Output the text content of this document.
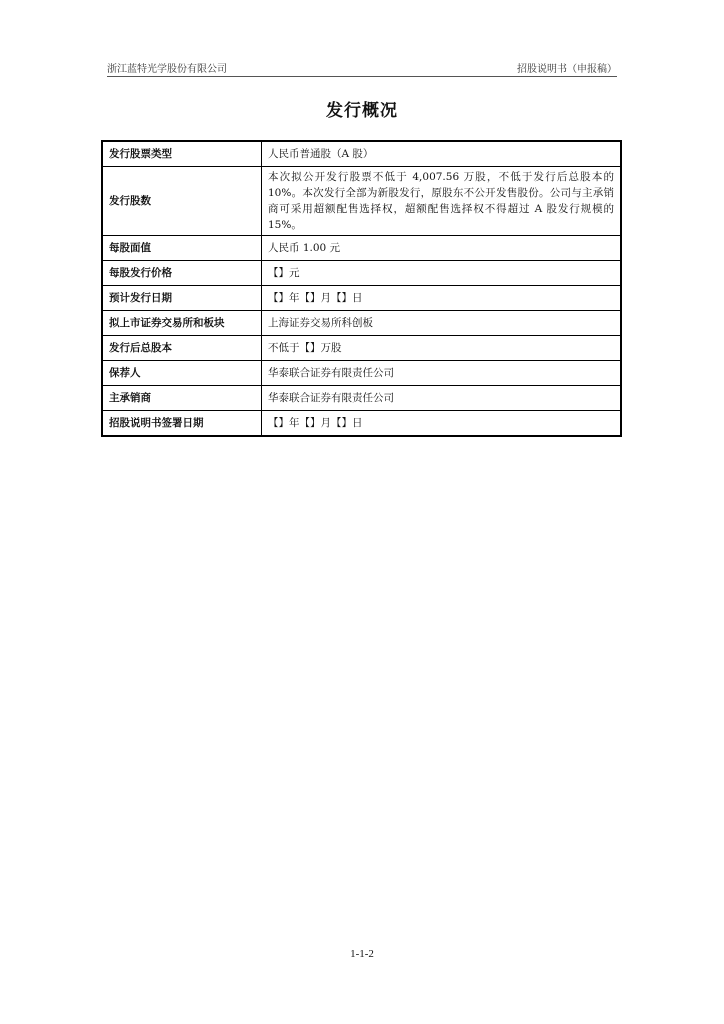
浙江蓝特光学股份有限公司	招股说明书（申报稿）
发行概况
发行股票类型	人民币普通股（A 股）
发行股数	本次拟公开发行股票不低于 4,007.56 万股，不低于发行后总股本的 10%。本次发行全部为新股发行，原股东不公开发售股份。公司与主承销商可采用超额配售选择权，超额配售选择权不得超过 A 股发行规模的 15%。
每股面值	人民币 1.00 元
每股发行价格	【】元
预计发行日期	【】年【】月【】日
拟上市证券交易所和板块	上海证券交易所科创板
发行后总股本	不低于【】万股
保荐人	华泰联合证券有限责任公司
主承销商	华泰联合证券有限责任公司
招股说明书签署日期	【】年【】月【】日
1-1-2
